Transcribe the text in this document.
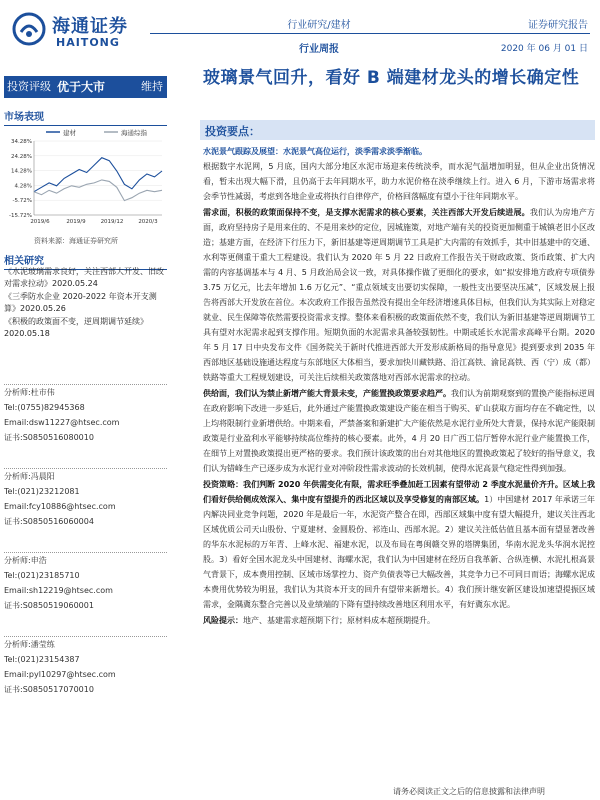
海通证券
HAITONG
行业研究/建材
行业周报
证券研究报告
2020 年 06 月 01 日
投资评级 优于大市	维持 玻璃景气回升，看好 B 端建材龙头的增长确定性
市场表现
建材	海通综指
34.28%
24.28%
14.28%
4.28%
-5.72%
-15.72%
2019/6	2019/9	2019/12	2020/3
资料来源：海通证券研究所
相关研究
《水泥玻璃需求良好，关注西部大开发、旧改对需求拉动》2020.05.24
《三季防水企业 2020-2022 年资本开支测算》2020.05.26
《积极的政策面不变，逆周期调节延续》2020.05.18
分析师:杜市伟
Tel:(0755)82945368
Email:dsw11227@htsec.com
证书:S0850516080010
分析师:冯晨阳
Tel:(021)23212081
Email:fcy10886@htsec.com
证书:S0850516060004
分析师:申浩
Tel:(021)23185710
Email:sh12219@htsec.com
证书:S0850519060001
分析师:潘莹练
Tel:(021)23154387
Email:pyl10297@htsec.com
证书:S0850517070010
投资要点：

水泥景气跟踪及展望：水泥景气高位运行，淡季需求淡季渐临。
根据数字水泥网，5 月底，国内大部分地区水泥市场迎来传统淡季，而水泥气温增加明显，但从企业出货情况看，暂未出现大幅下滑，且仍高于去年同期水平，助力水泥价格在淡季继续上行。进入 6 月，下游市场需求将会季节性减弱，考虑到各地企业或将执行自律停产，价格回落幅度有望小于往年同期水平。

需求面，积极的政策面保持不变，是支撑水泥需求的核心要素，关注西部大开发后续进展。我们认为房地产方面，政府坚持房子是用来住的、不是用来炒的定位，因城施策，对地产端有关的投资更加侧重于城镇老旧小区改造；基建方面，在经济下行压力下，新旧基建等逆周期调节工具是扩大内需的有效抓手，其中旧基建中的交通、水利等更侧重于重大工程建设。我们认为 2020 年 5 月 22 日政府工作报告关于财政政策、货币政策、扩大内需的内容基调基本与 4 月、5 月政治局会议一致，对具体操作做了更细化的要求，如“拟安排地方政府专项债券 3.75 万亿元，比去年增加 1.6 万亿元”、“重点领域支出要切实保障，一般性支出要坚决压减”，区域发展上报告将西部大开发放在首位。本次政府工作报告虽然没有提出全年经济增速具体目标，但我们认为其实际上对稳定就业、民生保障等依然需要投资需求支撑。整体来看积极的政策面依然不变，我们认为新旧基建等逆周期调节工具有望对水泥需求起到支撑作用。短期负面的水泥需求具备较强韧性。中期或延长水泥需求高峰平台期。2020 年 5 月 17 日中央发布文件《国务院关于新时代推进西部大开发形成新格局的指导意见》提到要求到 2035 年西部地区基础设施通达程度与东部地区大体相当，要求加快川藏铁路、沿江高铁、渝昆高铁、西（宁）成（都）铁路等重大工程规划建设，可关注后续相关政策落地对西部水泥需求的拉动。

供给面，我们认为禁止新增产能大背景未变，产能置换政策要求趋严。我们认为前期观察到的置换产能指标逆周在政府影响下改进一步延后，此外通过产能置换政策建设产能在相当于购买、矿山获取方面均存在不确定性，以上均将限制行业新增供给。中期来看，严禁备案和新建扩大产能依然是水泥行业所处大背景，保持水泥产能限制政策是行业盈利水平能够持续高位维持的核心要素。此外，4 月 20 日广西工信厅暂停水泥行业产能置换工作，在细节上对置换政策提出更严格的要求。我们预计该政策的出台对其他地区的置换政策起了较好的指导意义，我们认为错峰生产已逐步成为水泥行业对冲阶段性需求波动的长效机制，使得水泥高景气稳定性得到加强。

投资策略：我们判断 2020 年供需变化有限，需求旺季叠加赶工因素有望带动 2 季度水泥量价齐升。区域上我们看好供给侧成效深入、集中度有望提升的西北区域以及享受修复的南部区域。1）中国建材 2017 年承诺三年内解决同业竞争问题，2020 年是最后一年，水泥资产整合在即，西部区域集中度有望大幅提升，建议关注西北区域优质公司天山股份、宁夏建材、金圆股份、祁连山、西部水泥。2）建议关注低估值且基本面有望显著改善的华东水泥标的万年青、上峰水泥、福建水泥，以及布局在粤闽赣交界的塔牌集团，华南水泥龙头华润水泥控股。3）看好全国水泥龙头中国建材、海螺水泥，我们认为中国建材在经历自我革新、合纵连横、水泥扎根高景气背景下，成本费用控制、区域市场掌控力、资产负债表等已大幅改善，其竞争力已不可同日而语；海螺水泥成本费用优势较为明显，我们认为其资本开支的回升有望带来新增长。4）我们预计继安新区建设加速望提振区域需求，金隅冀东整合完善以及业绩端的下降有望持续改善地区利用水平，有好冀东水泥。

风险提示：地产、基建需求超预期下行；原材料成本超预期提升。

请务必阅读正文之后的信息披露和法律声明
